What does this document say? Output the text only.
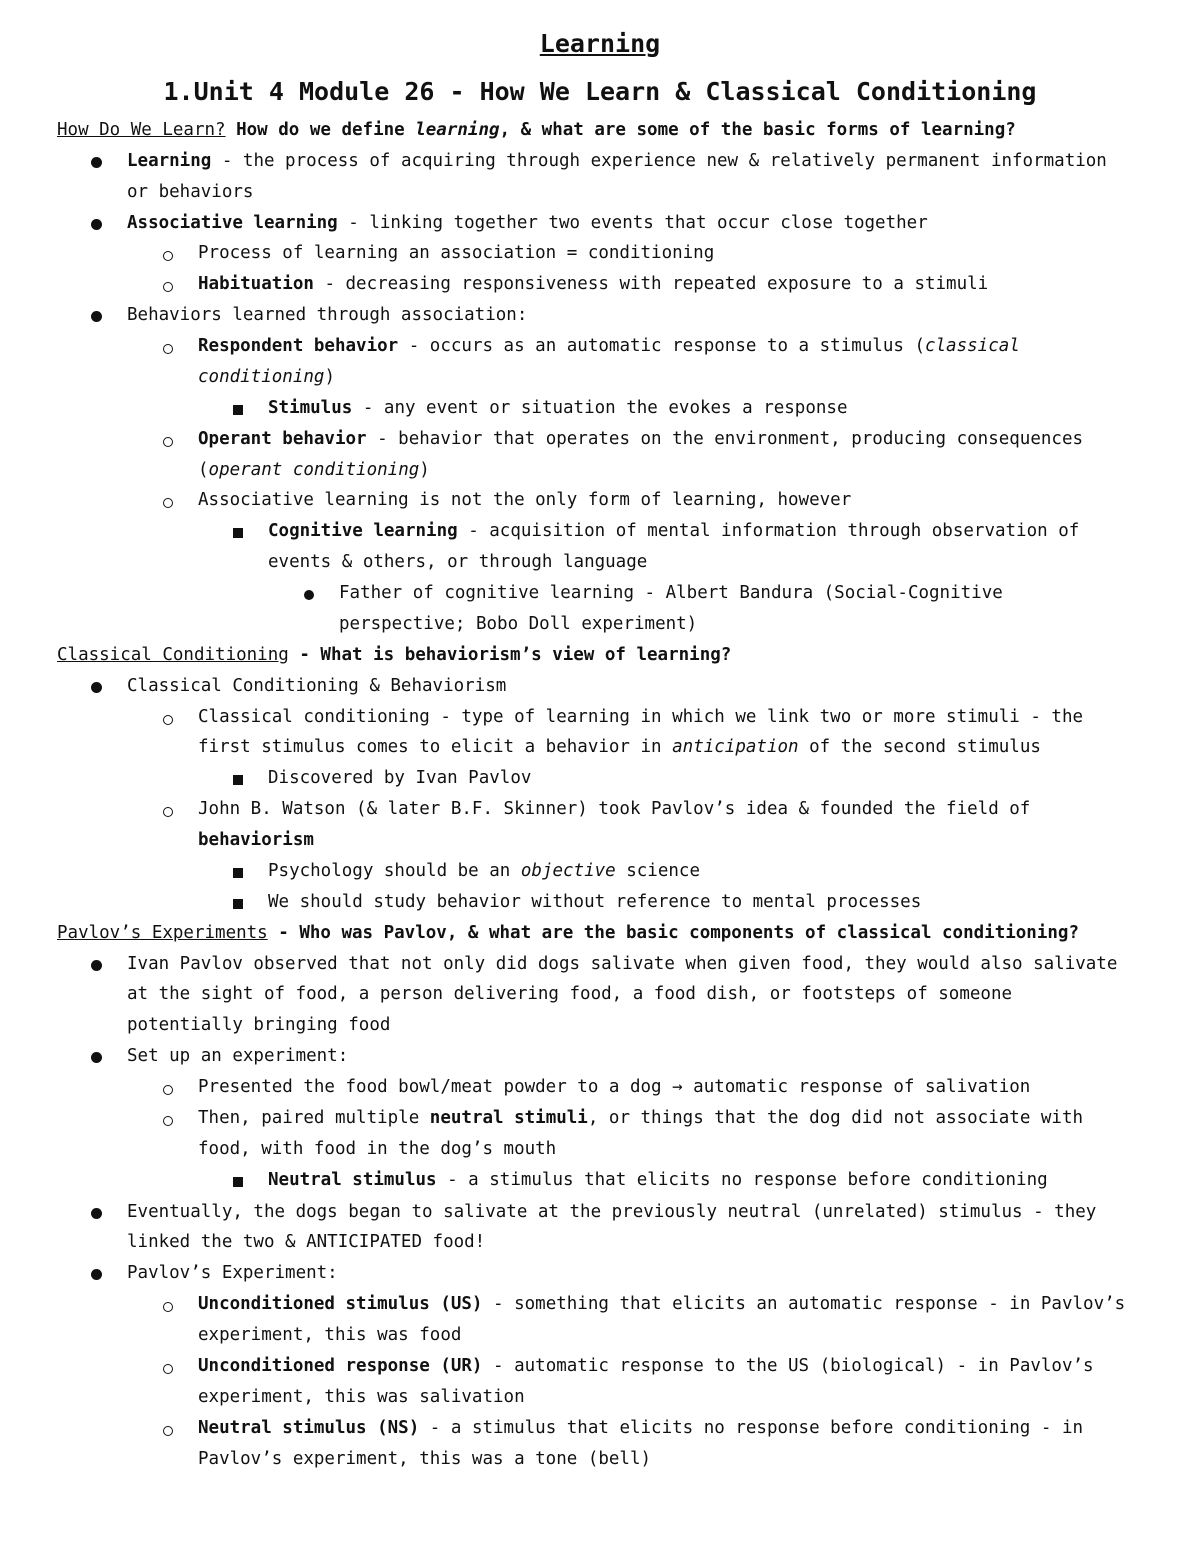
Learning
1.Unit 4 Module 26 - How We Learn & Classical Conditioning
How Do We Learn? How do we define learning, & what are some of the basic forms of learning?
Learning - the process of acquiring through experience new & relatively permanent information
or behaviors
Associative learning - linking together two events that occur close together
Process of learning an association = conditioning
Habituation - decreasing responsiveness with repeated exposure to a stimuli
Behaviors learned through association:
Respondent behavior - occurs as an automatic response to a stimulus (classical
conditioning)
Stimulus - any event or situation the evokes a response
Operant behavior - behavior that operates on the environment, producing consequences
(operant conditioning)
Associative learning is not the only form of learning, however
Cognitive learning - acquisition of mental information through observation of
events & others, or through language
Father of cognitive learning - Albert Bandura (Social-Cognitive
perspective; Bobo Doll experiment)
Classical Conditioning - What is behaviorism’s view of learning?
Classical Conditioning & Behaviorism
Classical conditioning - type of learning in which we link two or more stimuli - the
first stimulus comes to elicit a behavior in anticipation of the second stimulus
Discovered by Ivan Pavlov
John B. Watson (& later B.F. Skinner) took Pavlov’s idea & founded the field of
behaviorism
Psychology should be an objective science
We should study behavior without reference to mental processes
Pavlov’s Experiments - Who was Pavlov, & what are the basic components of classical conditioning?
Ivan Pavlov observed that not only did dogs salivate when given food, they would also salivate
at the sight of food, a person delivering food, a food dish, or footsteps of someone
potentially bringing food
Set up an experiment:
Presented the food bowl/meat powder to a dog → automatic response of salivation
Then, paired multiple neutral stimuli, or things that the dog did not associate with
food, with food in the dog’s mouth
Neutral stimulus - a stimulus that elicits no response before conditioning
Eventually, the dogs began to salivate at the previously neutral (unrelated) stimulus - they
linked the two & ANTICIPATED food!
Pavlov’s Experiment:
Unconditioned stimulus (US) - something that elicits an automatic response - in Pavlov’s
experiment, this was food
Unconditioned response (UR) - automatic response to the US (biological) - in Pavlov’s
experiment, this was salivation
Neutral stimulus (NS) - a stimulus that elicits no response before conditioning - in
Pavlov’s experiment, this was a tone (bell)
